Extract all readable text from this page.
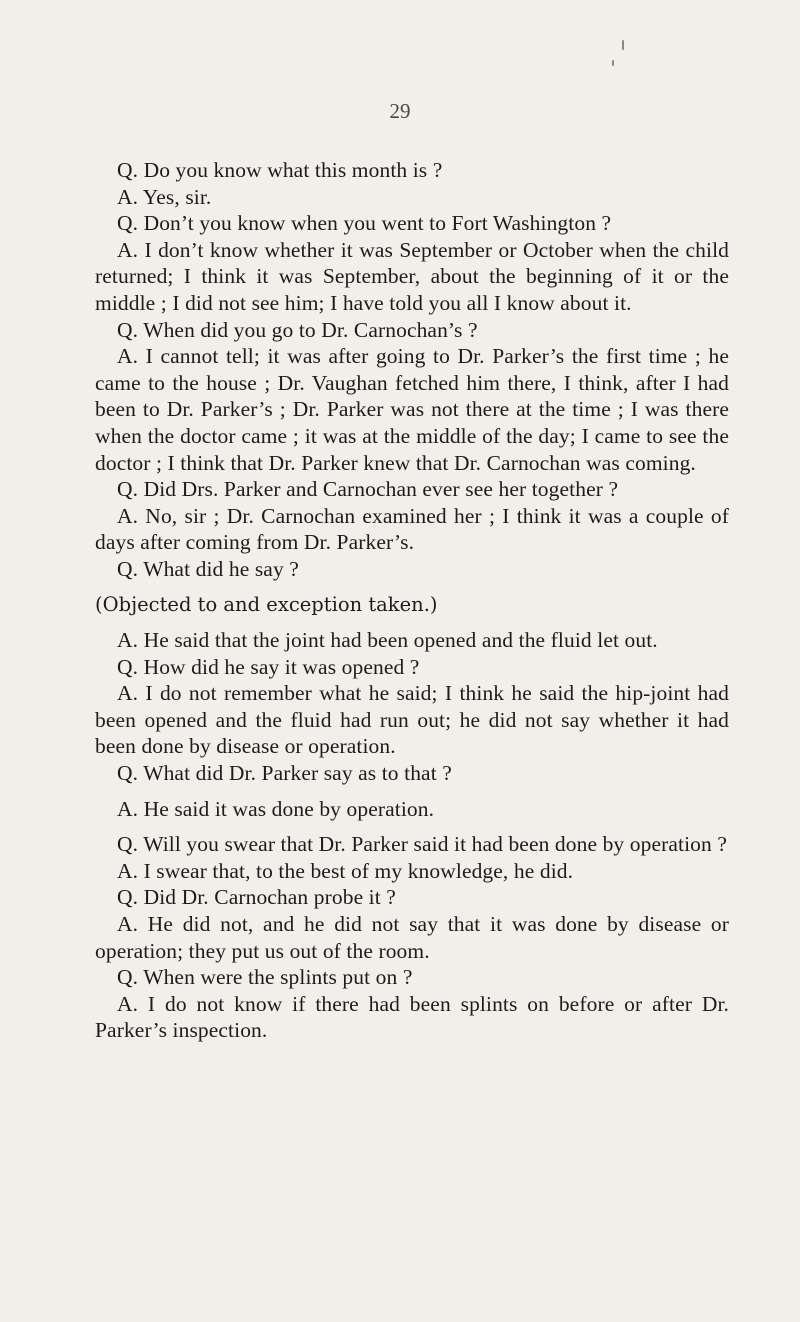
29

Q. Do you know what this month is ?

A. Yes, sir.

Q. Don’t you know when you went to Fort Washington ?

A. I don’t know whether it was September or October when the child returned; I think it was September, about the beginning of it or the middle ; I did not see him; I have told you all I know about it.

Q. When did you go to Dr. Carnochan’s ?

A. I cannot tell; it was after going to Dr. Parker’s the first time ; he came to the house ; Dr. Vaughan fetched him there, I think, after I had been to Dr. Parker’s ; Dr. Parker was not there at the time ; I was there when the doctor came ; it was at the middle of the day; I came to see the doctor ; I think that Dr. Parker knew that Dr. Carnochan was coming.

Q. Did Drs. Parker and Carnochan ever see her together ?

A. No, sir ; Dr. Carnochan examined her ; I think it was a couple of days after coming from Dr. Parker’s.

Q. What did he say ?

(Objected to and exception taken.)

A. He said that the joint had been opened and the fluid let out.

Q. How did he say it was opened ?

A. I do not remember what he said; I think he said the hip-joint had been opened and the fluid had run out; he did not say whether it had been done by disease or operation.

Q. What did Dr. Parker say as to that ?

A. He said it was done by operation.

Q. Will you swear that Dr. Parker said it had been done by operation ?

A. I swear that, to the best of my knowledge, he did.

Q. Did Dr. Carnochan probe it ?

A. He did not, and he did not say that it was done by disease or operation; they put us out of the room.

Q. When were the splints put on ?

A. I do not know if there had been splints on before or after Dr. Parker’s inspection.
